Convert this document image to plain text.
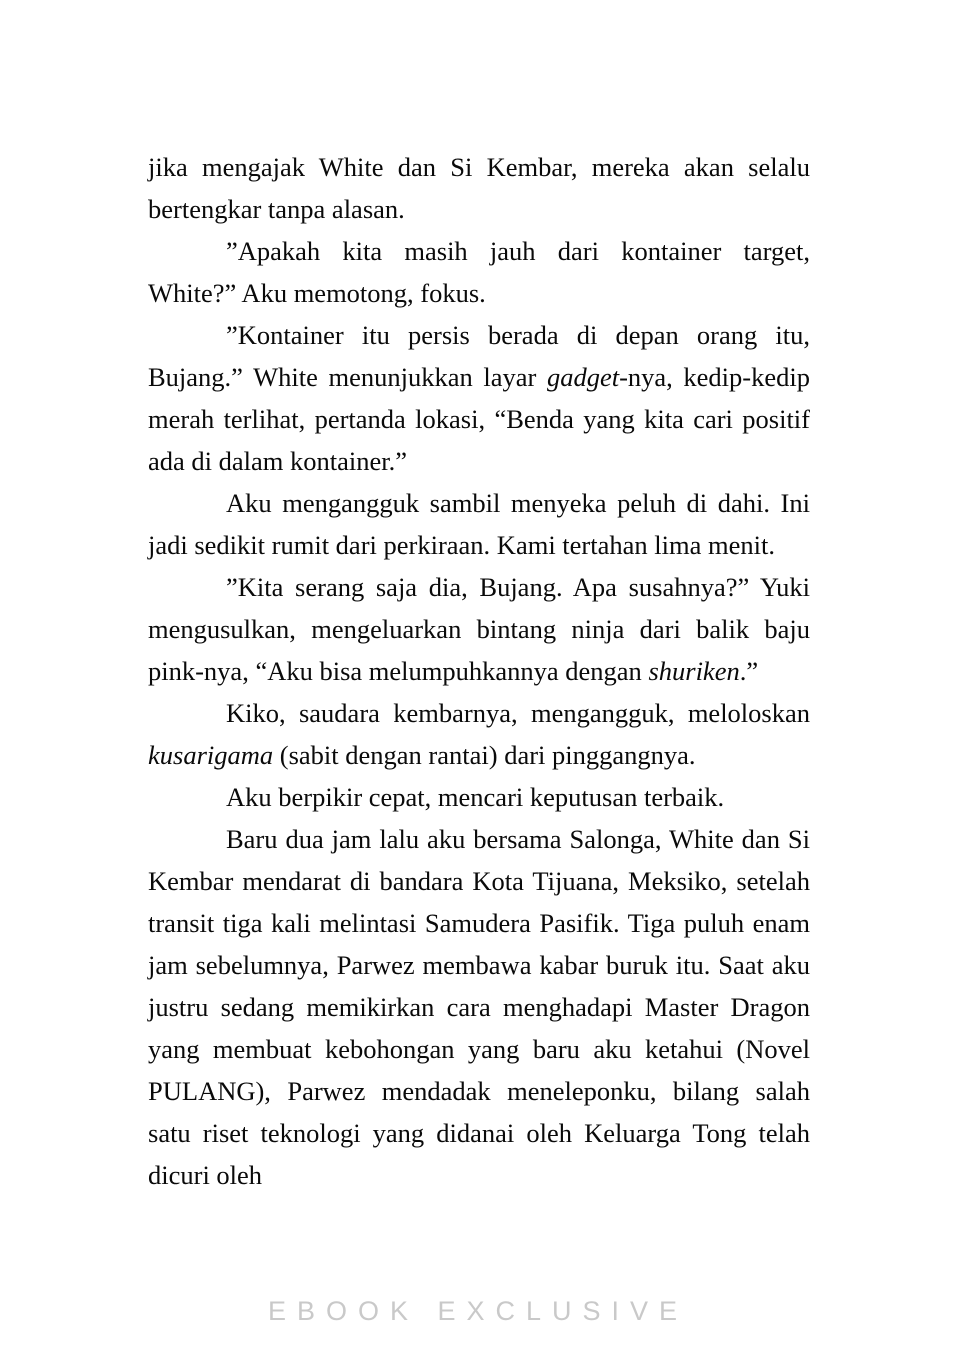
jika mengajak White dan Si Kembar, mereka akan selalu bertengkar tanpa alasan.

”Apakah kita masih jauh dari kontainer target, White?” Aku memotong, fokus.

”Kontainer itu persis berada di depan orang itu, Bujang.” White menunjukkan layar gadget-nya, kedip-kedip merah terlihat, pertanda lokasi, “Benda yang kita cari positif ada di dalam kontainer.”

Aku mengangguk sambil menyeka peluh di dahi. Ini jadi sedikit rumit dari perkiraan. Kami tertahan lima menit.

”Kita serang saja dia, Bujang. Apa susahnya?” Yuki mengusulkan, mengeluarkan bintang ninja dari balik baju pink-nya, “Aku bisa melumpuhkannya dengan shuriken.”

Kiko, saudara kembarnya, mengangguk, meloloskan kusarigama (sabit dengan rantai) dari pinggangnya.

Aku berpikir cepat, mencari keputusan terbaik.

Baru dua jam lalu aku bersama Salonga, White dan Si Kembar mendarat di bandara Kota Tijuana, Meksiko, setelah transit tiga kali melintasi Samudera Pasifik. Tiga puluh enam jam sebelumnya, Parwez membawa kabar buruk itu. Saat aku justru sedang memikirkan cara menghadapi Master Dragon yang membuat kebohongan yang baru aku ketahui (Novel PULANG), Parwez mendadak meneleponku, bilang salah satu riset teknologi yang didanai oleh Keluarga Tong telah dicuri oleh

EBOOK EXCLUSIVE
